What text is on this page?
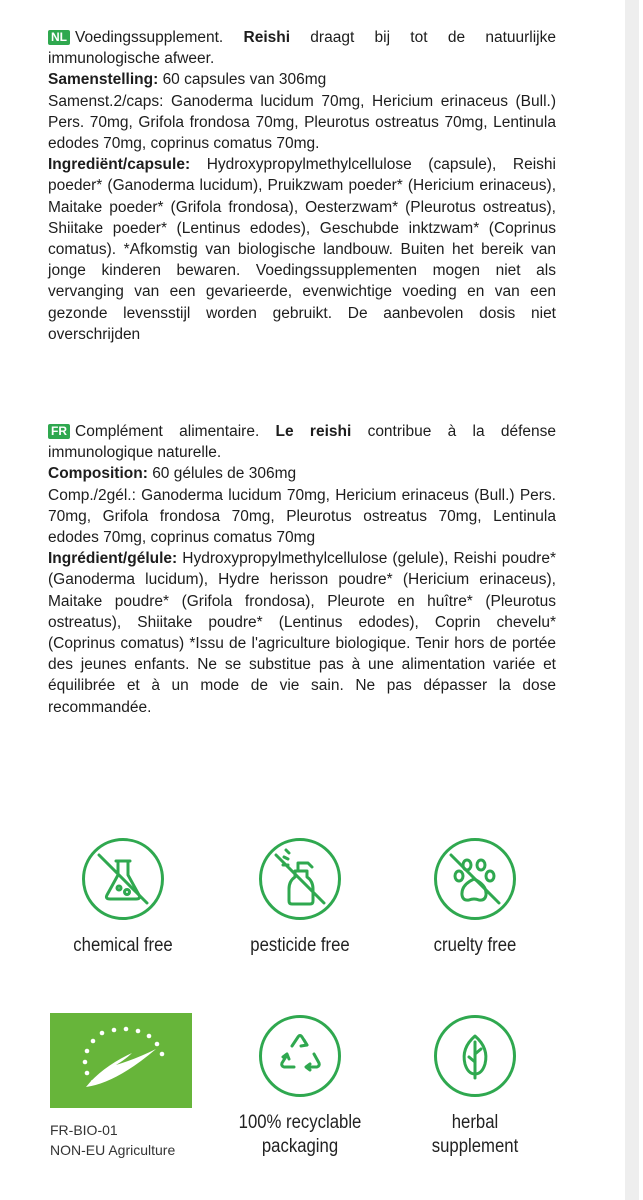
NL Voedingssupplement. Reishi draagt bij tot de natuurlijke immunologische afweer.

Samenstelling: 60 capsules van 306mg

Samenst.2/caps: Ganoderma lucidum 70mg, Hericium erinaceus (Bull.) Pers. 70mg, Grifola frondosa 70mg, Pleurotus ostreatus 70mg, Lentinula edodes 70mg, coprinus comatus 70mg.

Ingrediënt/capsule: Hydroxypropylmethylcellulose (capsule), Reishi poeder* (Ganoderma lucidum), Pruikzwam poeder* (Hericium erinaceus), Maitake poeder* (Grifola frondosa), Oesterzwam* (Pleurotus ostreatus), Shiitake poeder* (Lentinus edodes), Geschubde inktzwam* (Coprinus comatus). *Afkomstig van biologische landbouw. Buiten het bereik van jonge kinderen bewaren. Voedingssupplementen mogen niet als vervanging van een gevarieerde, evenwichtige voeding en van een gezonde levensstijl worden gebruikt. De aanbevolen dosis niet overschrijden

FR Complément alimentaire. Le reishi contribue à la défense immunologique naturelle.

Composition: 60 gélules de 306mg

Comp./2gél.: Ganoderma lucidum 70mg, Hericium erinaceus (Bull.) Pers. 70mg, Grifola frondosa 70mg, Pleurotus ostreatus 70mg, Lentinula edodes 70mg, coprinus comatus 70mg

Ingrédient/gélule: Hydroxypropylmethylcellulose (gelule), Reishi poudre* (Ganoderma lucidum), Hydre herisson poudre* (Hericium erinaceus), Maitake poudre* (Grifola frondosa), Pleurote en huître* (Pleurotus ostreatus), Shiitake poudre* (Lentinus edodes), Coprin chevelu* (Coprinus comatus) *Issu de l'agriculture biologique. Tenir hors de portée des jeunes enfants. Ne se substitue pas à une alimentation variée et équilibrée et à un mode de vie sain. Ne pas dépasser la dose recommandée.

chemical free	pesticide free	cruelty free
FR-BIO-01
NON-EU Agriculture
100% recyclable
packaging
herbal
supplement
